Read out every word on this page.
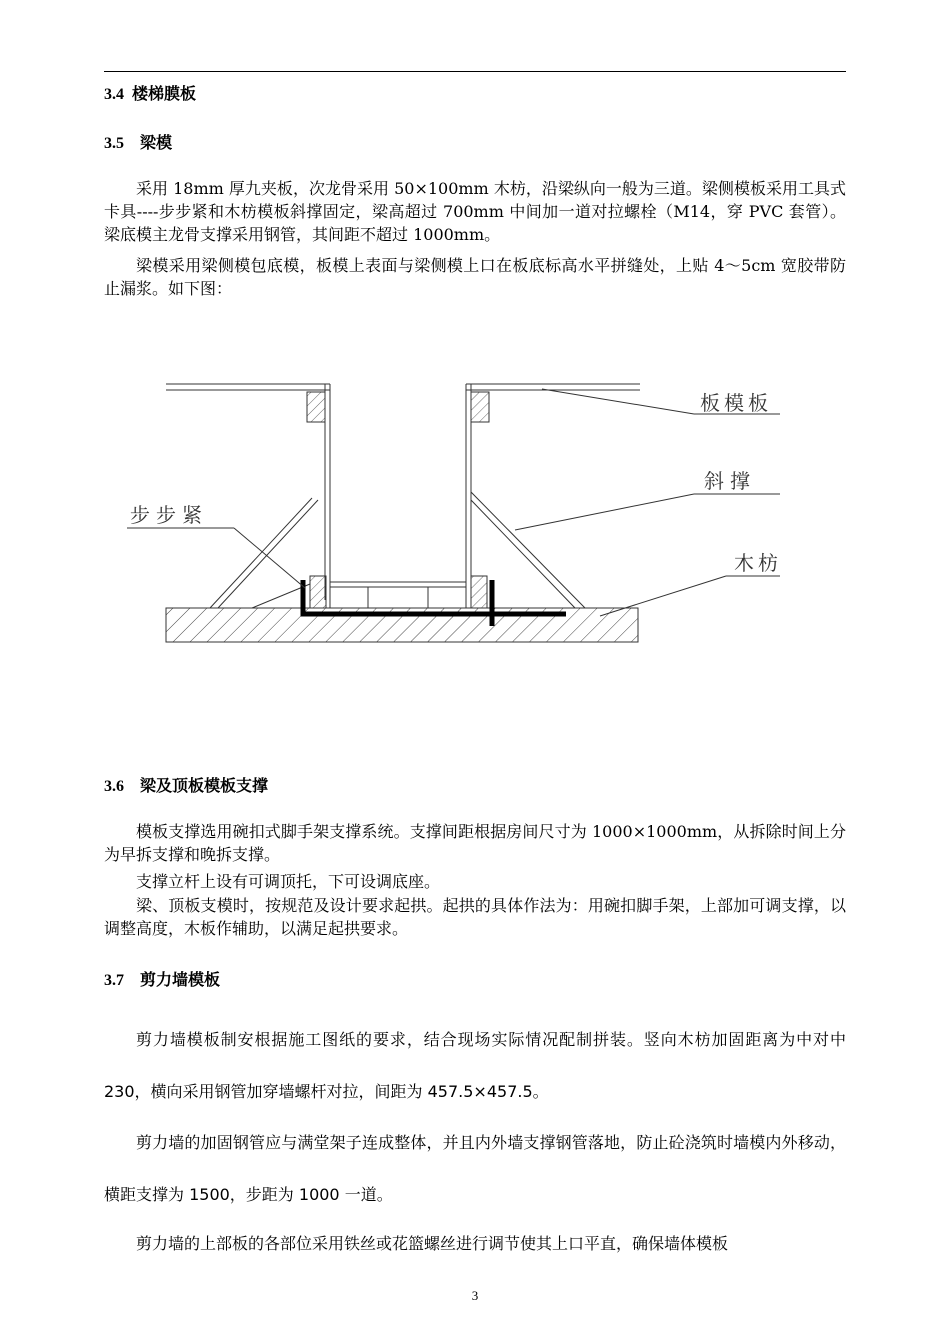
3.4 楼梯膜板
3.5 梁模
采用 18mm 厚九夹板，次龙骨采用 50×100mm 木枋，沿梁纵向一般为三道。梁侧模板采用工具式卡具----步步紧和木枋模板斜撑固定，梁高超过 700mm 中间加一道对拉螺栓（M14，穿 PVC 套管）。梁底模主龙骨支撑采用钢管，其间距不超过 1000mm。
梁模采用梁侧模包底模，板模上表面与梁侧模上口在板底标高水平拼缝处，上贴 4～5cm 宽胶带防止漏浆。如下图：
板模板
斜撑
木枋
步步紧
3.6 梁及顶板模板支撑
模板支撑选用碗扣式脚手架支撑系统。支撑间距根据房间尺寸为 1000×1000mm，从拆除时间上分为早拆支撑和晚拆支撑。
支撑立杆上设有可调顶托，下可设调底座。
梁、顶板支模时，按规范及设计要求起拱。起拱的具体作法为：用碗扣脚手架，上部加可调支撑，以调整高度，木板作辅助，以满足起拱要求。
3.7 剪力墙模板
剪力墙模板制安根据施工图纸的要求，结合现场实际情况配制拼装。竖向木枋加固距离为中对中 230，横向采用钢管加穿墙螺杆对拉，间距为 457.5×457.5。
剪力墙的加固钢管应与满堂架子连成整体，并且内外墙支撑钢管落地，防止砼浇筑时墙模内外移动，横距支撑为 1500，步距为 1000 一道。
剪力墙的上部板的各部位采用铁丝或花篮螺丝进行调节使其上口平直，确保墙体模板
3
